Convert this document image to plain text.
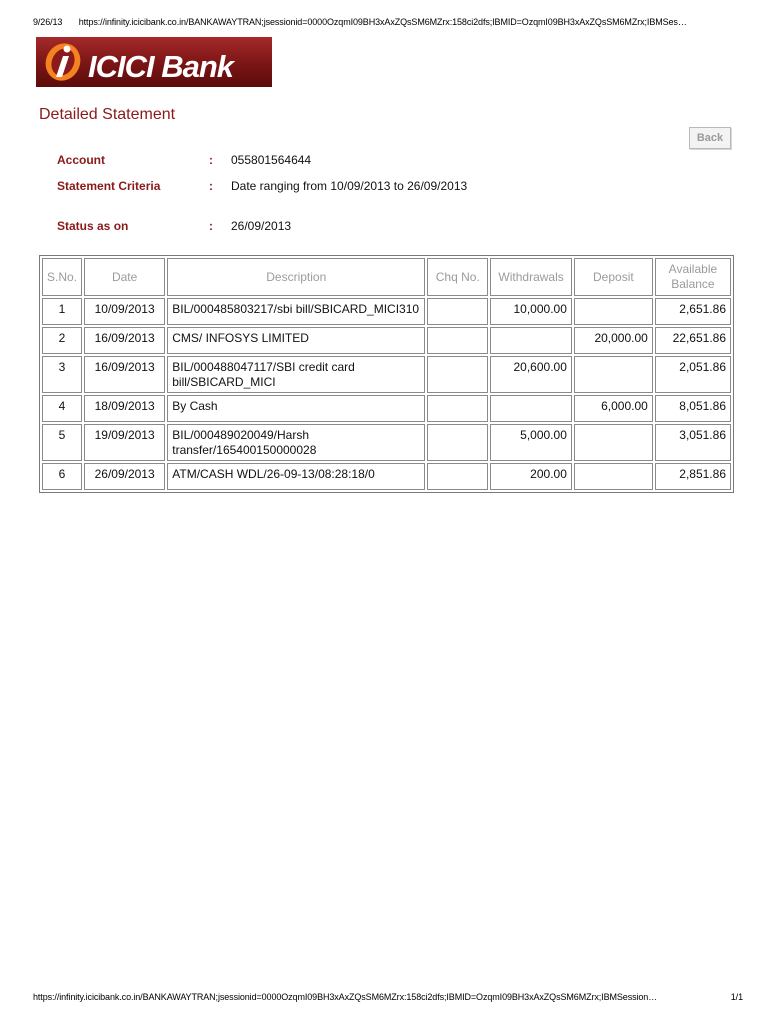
9/26/13 https://infinity.icicibank.co.in/BANKAWAYTRAN;jsessionid=0000OzqmI09BH3xAxZQsSM6MZrx:158ci2dfs;IBMID=OzqmI09BH3xAxZQsSM6MZrx;IBMSes…
ICICI Bank
Detailed Statement
Back
Account	: 055801564644
Statement Criteria	: Date ranging from 10/09/2013 to 26/09/2013
Status as on	: 26/09/2013
S.No.	Date	Description	Chq No.	Withdrawals	Deposit	Available Balance
1	10/09/2013	BIL/000485803217/sbi bill/SBICARD_MICI310		10,000.00		2,651.86
2	16/09/2013	CMS/ INFOSYS LIMITED			20,000.00	22,651.86
3	16/09/2013	BIL/000488047117/SBI credit card bill/SBICARD_MICI		20,600.00		2,051.86
4	18/09/2013	By Cash			6,000.00	8,051.86
5	19/09/2013	BIL/000489020049/Harsh transfer/165400150000028		5,000.00		3,051.86
6	26/09/2013	ATM/CASH WDL/26-09-13/08:28:18/0		200.00		2,851.86
https://infinity.icicibank.co.in/BANKAWAYTRAN;jsessionid=0000OzqmI09BH3xAxZQsSM6MZrx:158ci2dfs;IBMID=OzqmI09BH3xAxZQsSM6MZrx;IBMSession…	1/1
